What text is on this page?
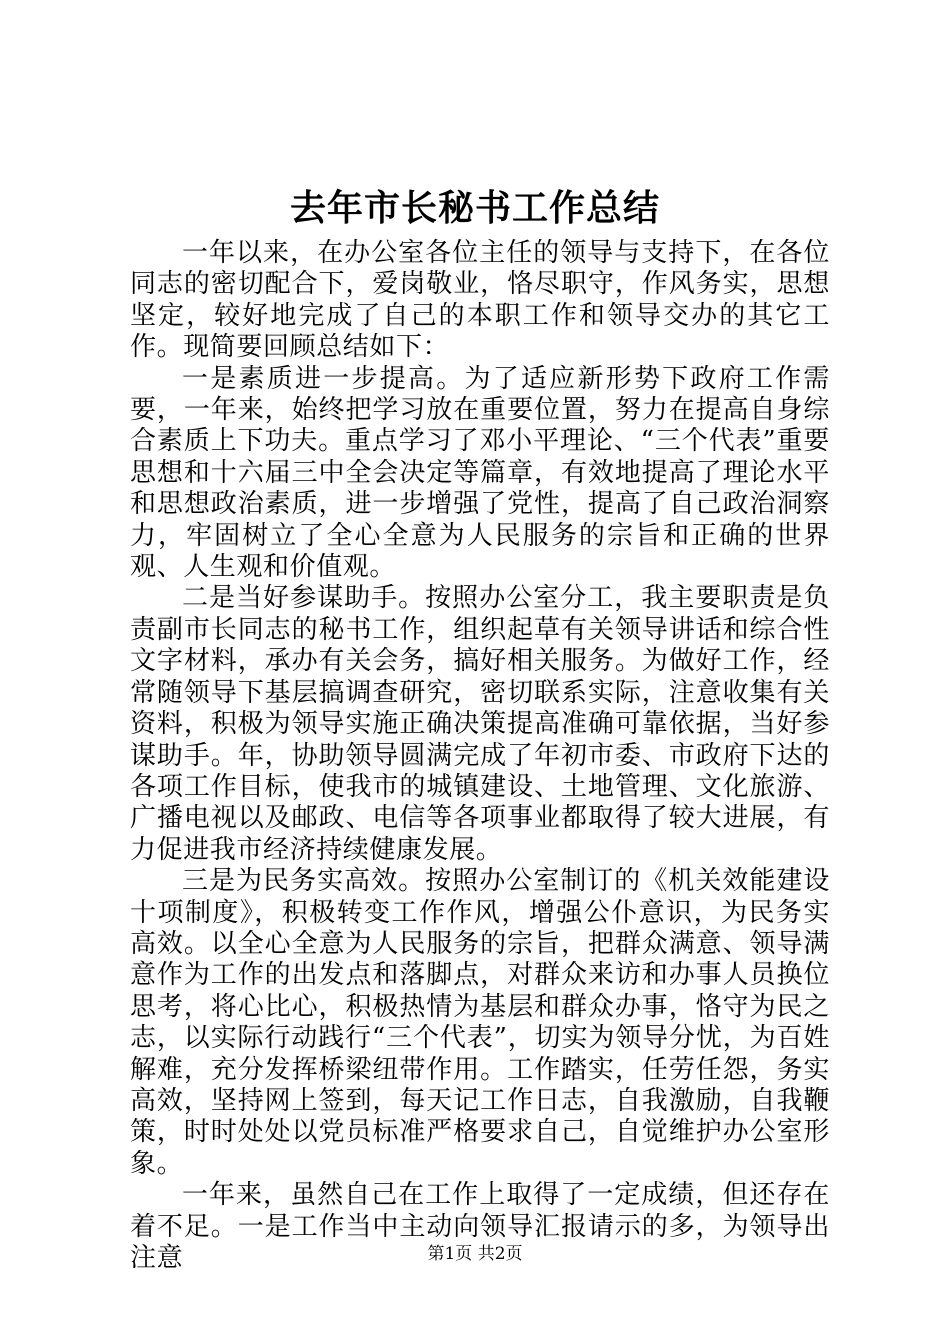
去年市长秘书工作总结

一年以来，在办公室各位主任的领导与支持下，在各位同志的密切配合下，爱岗敬业，恪尽职守，作风务实，思想坚定，较好地完成了自己的本职工作和领导交办的其它工作。现简要回顾总结如下：

一是素质进一步提高。为了适应新形势下政府工作需要，一年来，始终把学习放在重要位置，努力在提高自身综合素质上下功夫。重点学习了邓小平理论、“三个代表”重要思想和十六届三中全会决定等篇章，有效地提高了理论水平和思想政治素质，进一步增强了党性，提高了自己政治洞察力，牢固树立了全心全意为人民服务的宗旨和正确的世界观、人生观和价值观。

二是当好参谋助手。按照办公室分工，我主要职责是负责副市长同志的秘书工作，组织起草有关领导讲话和综合性文字材料，承办有关会务，搞好相关服务。为做好工作，经常随领导下基层搞调查研究，密切联系实际，注意收集有关资料，积极为领导实施正确决策提高准确可靠依据，当好参谋助手。年，协助领导圆满完成了年初市委、市政府下达的各项工作目标，使我市的城镇建设、土地管理、文化旅游、广播电视以及邮政、电信等各项事业都取得了较大进展，有力促进我市经济持续健康发展。

三是为民务实高效。按照办公室制订的《机关效能建设十项制度》，积极转变工作作风，增强公仆意识，为民务实高效。以全心全意为人民服务的宗旨，把群众满意、领导满意作为工作的出发点和落脚点，对群众来访和办事人员换位思考，将心比心，积极热情为基层和群众办事，恪守为民之志，以实际行动践行“三个代表”，切实为领导分忧，为百姓解难，充分发挥桥梁纽带作用。工作踏实，任劳任怨，务实高效，坚持网上签到，每天记工作日志，自我激励，自我鞭策，时时处处以党员标准严格要求自己，自觉维护办公室形象。

一年来，虽然自己在工作上取得了一定成绩，但还存在着不足。一是工作当中主动向领导汇报请示的多，为领导出注意	第1页 共2页
